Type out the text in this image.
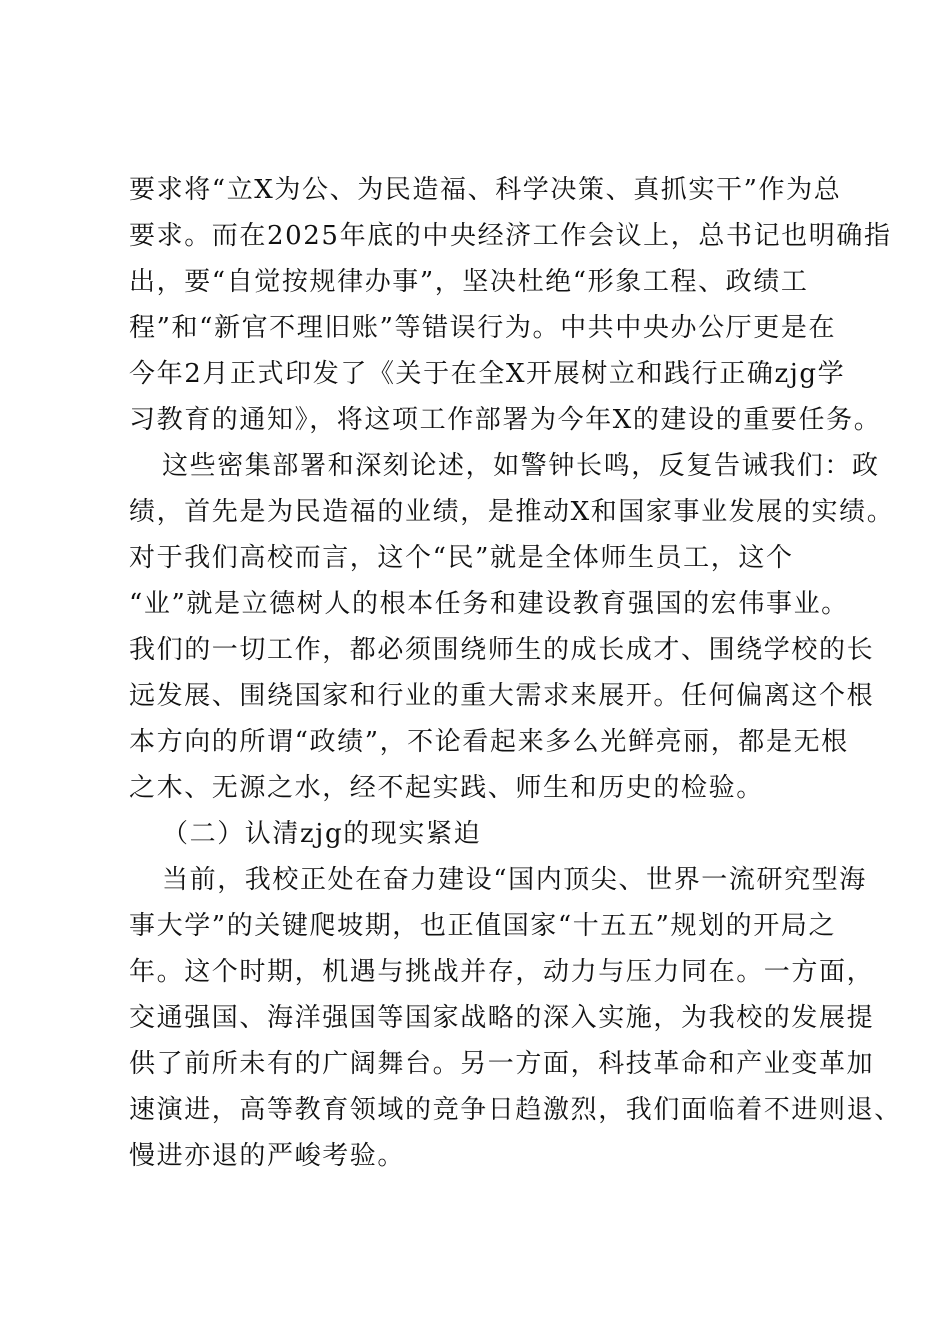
要求将“立X为公、为民造福、科学决策、真抓实干”作为总
要求。而在2025年底的中央经济工作会议上，总书记也明确指
出，要“自觉按规律办事”，坚决杜绝“形象工程、政绩工
程”和“新官不理旧账”等错误行为。中共中央办公厅更是在
今年2月正式印发了《关于在全X开展树立和践行正确zjg学
习教育的通知》，将这项工作部署为今年X的建设的重要任务。
这些密集部署和深刻论述，如警钟长鸣，反复告诫我们：政
绩，首先是为民造福的业绩，是推动X和国家事业发展的实绩。
对于我们高校而言，这个“民”就是全体师生员工，这个
“业”就是立德树人的根本任务和建设教育强国的宏伟事业。
我们的一切工作，都必须围绕师生的成长成才、围绕学校的长
远发展、围绕国家和行业的重大需求来展开。任何偏离这个根
本方向的所谓“政绩”，不论看起来多么光鲜亮丽，都是无根
之木、无源之水，经不起实践、师生和历史的检验。
（二）认清zjg的现实紧迫
当前，我校正处在奋力建设“国内顶尖、世界一流研究型海
事大学”的关键爬坡期，也正值国家“十五五”规划的开局之
年。这个时期，机遇与挑战并存，动力与压力同在。一方面，
交通强国、海洋强国等国家战略的深入实施，为我校的发展提
供了前所未有的广阔舞台。另一方面，科技革命和产业变革加
速演进，高等教育领域的竞争日趋激烈，我们面临着不进则退、
慢进亦退的严峻考验。
